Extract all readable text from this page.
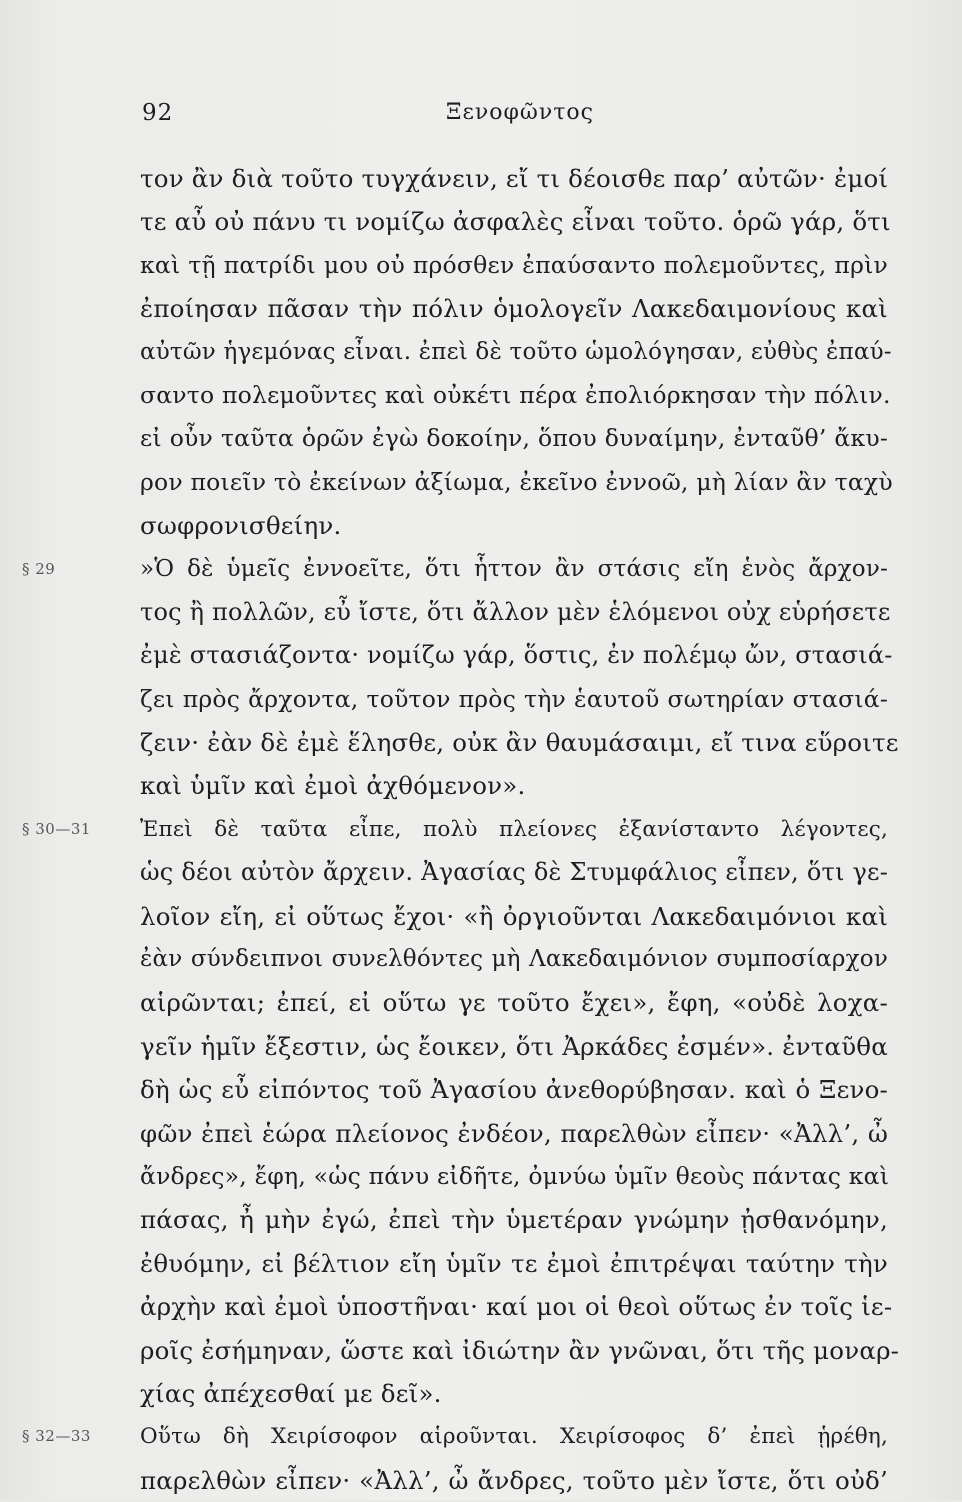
92	Ξενοφῶντος
τον ἂν διὰ τοῦτο τυγχάνειν, εἴ τι δέοισθε παρ’ αὐτῶν· ἐμοί
τε αὖ οὐ πάνυ τι νομίζω ἀσφαλὲς εἶναι τοῦτο. ὁρῶ γάρ, ὅτι
καὶ τῇ πατρίδι μου οὐ πρόσθεν ἐπαύσαντο πολεμοῦντες, πρὶν
ἐποίησαν πᾶσαν τὴν πόλιν ὁμολογεῖν Λακεδαιμονίους καὶ
αὐτῶν ἡγεμόνας εἶναι. ἐπεὶ δὲ τοῦτο ὡμολόγησαν, εὐθὺς ἐπαύ-
σαντο πολεμοῦντες καὶ οὐκέτι πέρα ἐπολιόρκησαν τὴν πόλιν.
εἰ οὖν ταῦτα ὁρῶν ἐγὼ δοκοίην, ὅπου δυναίμην, ἐνταῦθ’ ἄκυ-
ρον ποιεῖν τὸ ἐκείνων ἀξίωμα, ἐκεῖνο ἐννοῶ, μὴ λίαν ἂν ταχὺ
σωφρονισθείην.
§ 29	»Ὁ δὲ ὑμεῖς ἐννοεῖτε, ὅτι ἧττον ἂν στάσις εἴη ἑνὸς ἄρχον-
τος ἢ πολλῶν, εὖ ἴστε, ὅτι ἄλλον μὲν ἑλόμενοι οὐχ εὑρήσετε
ἐμὲ στασιάζοντα· νομίζω γάρ, ὅστις, ἐν πολέμῳ ὤν, στασιά-
ζει πρὸς ἄρχοντα, τοῦτον πρὸς τὴν ἑαυτοῦ σωτηρίαν στασιά-
ζειν· ἐὰν δὲ ἐμὲ ἕλησθε, οὐκ ἂν θαυμάσαιμι, εἴ τινα εὕροιτε
καὶ ὑμῖν καὶ ἐμοὶ ἀχθόμενον».
§ 30—31 Ἐπεὶ δὲ ταῦτα εἶπε, πολὺ πλείονες ἐξανίσταντο λέγοντες,
ὡς δέοι αὐτὸν ἄρχειν. Ἀγασίας δὲ Στυμφάλιος εἶπεν, ὅτι γε-
λοῖον εἴη, εἰ οὕτως ἔχοι· «ἢ ὀργιοῦνται Λακεδαιμόνιοι καὶ
ἐὰν σύνδειπνοι συνελθόντες μὴ Λακεδαιμόνιον συμποσίαρχον
αἱρῶνται; ἐπεί, εἰ οὕτω γε τοῦτο ἔχει», ἔφη, «οὐδὲ λοχα-
γεῖν ἡμῖν ἔξεστιν, ὡς ἔοικεν, ὅτι Ἀρκάδες ἐσμέν». ἐνταῦθα
δὴ ὡς εὖ εἰπόντος τοῦ Ἀγασίου ἀνεθορύβησαν. καὶ ὁ Ξενο-
φῶν ἐπεὶ ἑώρα πλείονος ἐνδέον, παρελθὼν εἶπεν· «Ἀλλ’, ὦ
ἄνδρες», ἔφη, «ὡς πάνυ εἰδῆτε, ὀμνύω ὑμῖν θεοὺς πάντας καὶ
πάσας, ἦ μὴν ἐγώ, ἐπεὶ τὴν ὑμετέραν γνώμην ᾐσθανόμην,
ἐθυόμην, εἰ βέλτιον εἴη ὑμῖν τε ἐμοὶ ἐπιτρέψαι ταύτην τὴν
ἀρχὴν καὶ ἐμοὶ ὑποστῆναι· καί μοι οἱ θεοὶ οὕτως ἐν τοῖς ἱε-
ροῖς ἐσήμηναν, ὥστε καὶ ἰδιώτην ἂν γνῶναι, ὅτι τῆς μοναρ-
χίας ἀπέχεσθαί με δεῖ».
§ 32—33 Οὕτω δὴ Χειρίσοφον αἱροῦνται. Χειρίσοφος δ’ ἐπεὶ ᾑρέθη,
παρελθὼν εἶπεν· «Ἀλλ’, ὦ ἄνδρες, τοῦτο μὲν ἴστε, ὅτι οὐδ’
